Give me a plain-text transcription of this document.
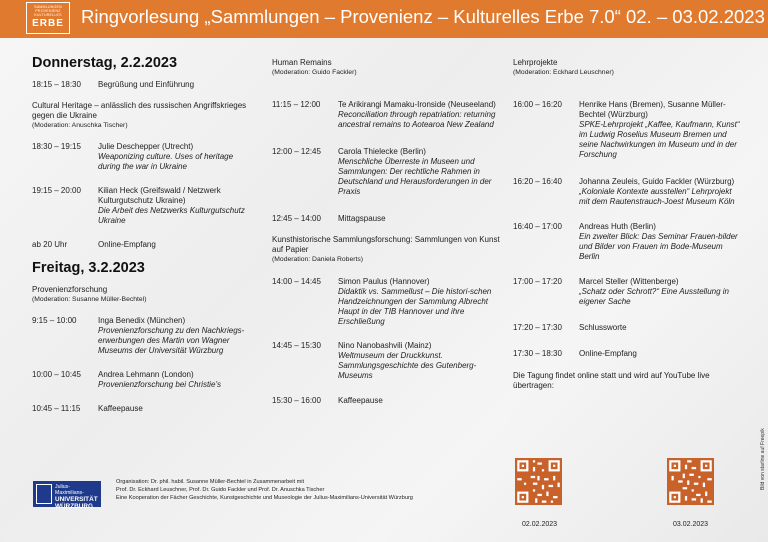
SAMMLUNGEN
PROVENIENZ
KULTURELLES
ERBE Ringvorlesung „Sammlungen – Provenienz – Kulturelles Erbe 7.0“ 02. – 03.02.2023

Donnerstag, 2.2.2023

18:15 – 18:30 Begrüßung und Einführung

Cultural Heritage – anlässlich des russischen Angriffskrieges gegen die Ukraine

(Moderation: Anuschka Tischer)

18:30 – 19:15 Julie Deschepper (Utrecht)
Weaponizing culture. Uses of heritage during the war in Ukraine
19:15 – 20:00 Kilian Heck (Greifswald / Netzwerk Kulturgutschutz Ukraine)
Die Arbeit des Netzwerks Kulturgutschutz Ukraine
ab 20 Uhr	Online-Empfang

Freitag, 3.2.2023

Provenienzforschung

(Moderation: Susanne Müller-Bechtel)

9:15 – 10:00	Inga Benedix (München)
Provenienzforschung zu den Nachkriegs-erwerbungen des Martin von Wagner Museums der Universität Würzburg
10:00 – 10:45 Andrea Lehmann (London)
Provenienzforschung bei Christie’s
10:45 – 11:15 Kaffeepause

Human Remains

(Moderation: Guido Fackler)

11:15 – 12:00 Te Arikirangi Mamaku-Ironside (Neuseeland)
Reconciliation through repatriation: returning ancestral remains to Aotearoa New Zealand
12:00 – 12:45 Carola Thielecke (Berlin)
Menschliche Überreste in Museen und Sammlungen: Der rechtliche Rahmen in Deutschland und Herausforderungen in der Praxis
12:45 – 14:00 Mittagspause

Kunsthistorische Sammlungsforschung: Sammlungen von Kunst auf Papier

(Moderation: Daniela Roberts)

14:00 – 14:45 Simon Paulus (Hannover)
Didaktik vs. Sammellust – Die histori-schen Handzeichnungen der Sammlung Albrecht Haupt in der TIB Hannover und ihre Erschließung
14:45 – 15:30 Nino Nanobashvili (Mainz)
Weltmuseum der Druckkunst. Sammlungsgeschichte des Gutenberg-Museums
15:30 – 16:00 Kaffeepause

Lehrprojekte

(Moderation: Eckhard Leuschner)

16:00 – 16:20 Henrike Hans (Bremen), Susanne Müller-Bechtel (Würzburg)
SPKE-Lehrprojekt „Kaffee, Kaufmann, Kunst“ im Ludwig Roselius Museum Bremen und seine Nachwirkungen im Museum und in der Forschung
16:20 – 16:40 Johanna Zeuleis, Guido Fackler (Würzburg)
„Koloniale Kontexte ausstellen“ Lehrprojekt mit dem Rautenstrauch-Joest Museum Köln
16:40 – 17:00 Andreas Huth (Berlin)
Ein zweiter Blick: Das Seminar Frauen-bilder und Bilder von Frauen im Bode-Museum Berlin
17:00 – 17:20 Marcel Steller (Wittenberge)
„Schatz oder Schrott?“ Eine Ausstellung in eigener Sache
17:20 – 17:30 Schlussworte
17:30 – 18:30 Online-Empfang

Die Tagung findet online statt und wird auf YouTube live übertragen:

02.02.2023	03.02.2023
Julius-Maximilians-
UNIVERSITÄT
WÜRZBURG
Organisation: Dr. phil. habil. Susanne Müller-Bechtel in Zusammenarbeit mit
Prof. Dr. Eckhard Leuschner, Prof. Dr. Guido Fackler und Prof. Dr. Anuschka Tischer
Eine Kooperation der Fächer Geschichte, Kunstgeschichte und Museologie der Julius-Maximilians-Universität Würzburg
Bild von starline auf Freepik
